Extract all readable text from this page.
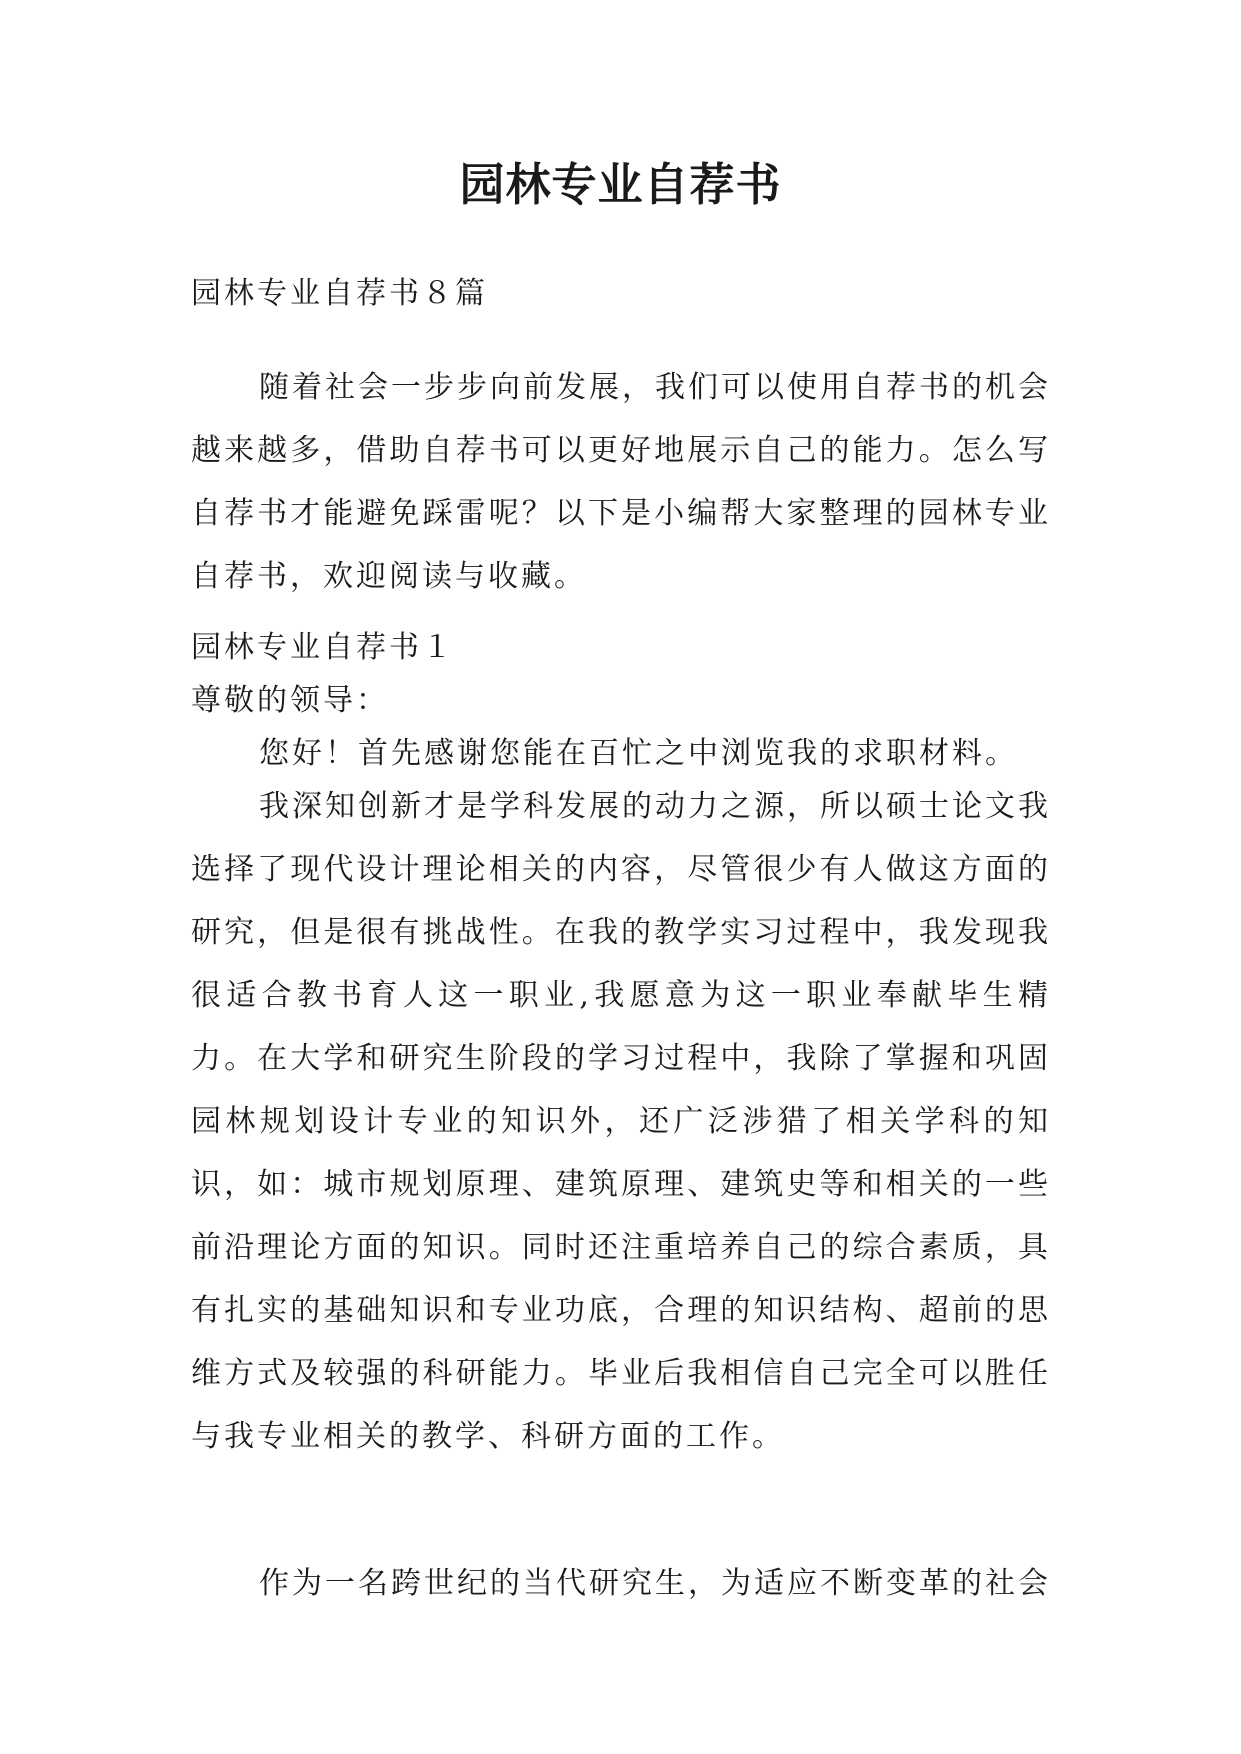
园林专业自荐书
园林专业自荐书８篇
随着社会一步步向前发展，我们可以使用自荐书的机会越来越多，借助自荐书可以更好地展示自己的能力。怎么写自荐书才能避免踩雷呢？以下是小编帮大家整理的园林专业自荐书，欢迎阅读与收藏。
园林专业自荐书１
尊敬的领导：
您好！首先感谢您能在百忙之中浏览我的求职材料。
我深知创新才是学科发展的动力之源，所以硕士论文我选择了现代设计理论相关的内容，尽管很少有人做这方面的研究，但是很有挑战性。在我的教学实习过程中，我发现我很适合教书育人这一职业,我愿意为这一职业奉献毕生精力。在大学和研究生阶段的学习过程中，我除了掌握和巩固园林规划设计专业的知识外，还广泛涉猎了相关学科的知识，如：城市规划原理、建筑原理、建筑史等和相关的一些前沿理论方面的知识。同时还注重培养自己的综合素质，具有扎实的基础知识和专业功底，合理的知识结构、超前的思维方式及较强的科研能力。毕业后我相信自己完全可以胜任与我专业相关的教学、科研方面的工作。
作为一名跨世纪的当代研究生，为适应不断变革的社会
